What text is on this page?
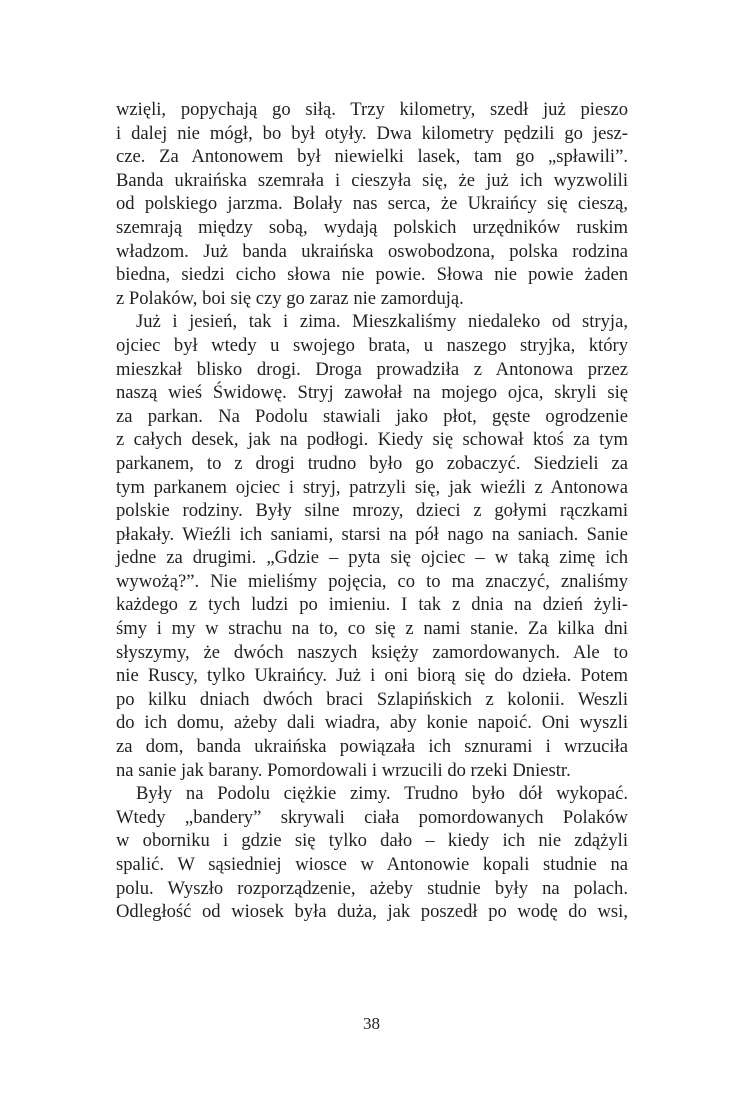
wzięli, popychają go siłą. Trzy kilometry, szedł już pieszo
i dalej nie mógł, bo był otyły. Dwa kilometry pędzili go jesz-
cze. Za Antonowem był niewielki lasek, tam go „spławili”.
Banda ukraińska szemrała i cieszyła się, że już ich wyzwolili
od polskiego jarzma. Bolały nas serca, że Ukraińcy się cieszą,
szemrają między sobą, wydają polskich urzędników ruskim
władzom. Już banda ukraińska oswobodzona, polska rodzina
biedna, siedzi cicho słowa nie powie. Słowa nie powie żaden
z Polaków, boi się czy go zaraz nie zamordują.
Już i jesień, tak i zima. Mieszkaliśmy niedaleko od stryja,
ojciec był wtedy u swojego brata, u naszego stryjka, który
mieszkał blisko drogi. Droga prowadziła z Antonowa przez
naszą wieś Świdowę. Stryj zawołał na mojego ojca, skryli się
za parkan. Na Podolu stawiali jako płot, gęste ogrodzenie
z całych desek, jak na podłogi. Kiedy się schował ktoś za tym
parkanem, to z drogi trudno było go zobaczyć. Siedzieli za
tym parkanem ojciec i stryj, patrzyli się, jak wieźli z Antonowa
polskie rodziny. Były silne mrozy, dzieci z gołymi rączkami
płakały. Wieźli ich saniami, starsi na pół nago na saniach. Sanie
jedne za drugimi. „Gdzie – pyta się ojciec – w taką zimę ich
wywożą?”. Nie mieliśmy pojęcia, co to ma znaczyć, znaliśmy
każdego z tych ludzi po imieniu. I tak z dnia na dzień żyli-
śmy i my w strachu na to, co się z nami stanie. Za kilka dni
słyszymy, że dwóch naszych księży zamordowanych. Ale to
nie Ruscy, tylko Ukraińcy. Już i oni biorą się do dzieła. Potem
po kilku dniach dwóch braci Szlapińskich z kolonii. Weszli
do ich domu, ażeby dali wiadra, aby konie napoić. Oni wyszli
za dom, banda ukraińska powiązała ich sznurami i wrzuciła
na sanie jak barany. Pomordowali i wrzucili do rzeki Dniestr.
Były na Podolu ciężkie zimy. Trudno było dół wykopać.
Wtedy „bandery” skrywali ciała pomordowanych Polaków
w oborniku i gdzie się tylko dało – kiedy ich nie zdążyli
spalić. W sąsiedniej wiosce w Antonowie kopali studnie na
polu. Wyszło rozporządzenie, ażeby studnie były na polach.
Odległość od wiosek była duża, jak poszedł po wodę do wsi,
38
